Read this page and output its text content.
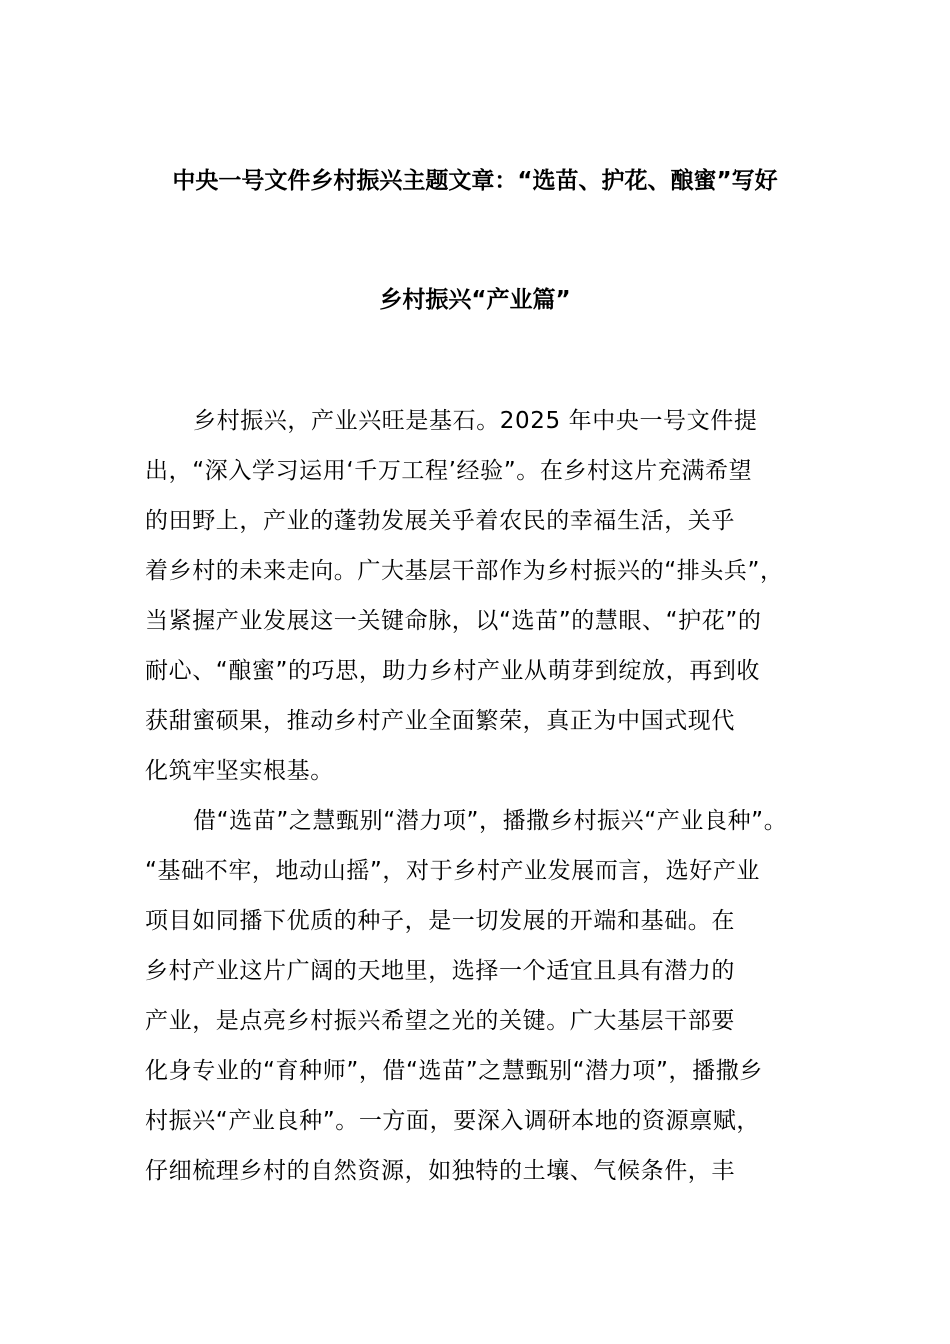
中央一号文件乡村振兴主题文章：“选苗、护花、酿蜜”写好
乡村振兴“产业篇”
乡村振兴，产业兴旺是基石。2025 年中央一号文件提
出，“深入学习运用‘千万工程’经验”。在乡村这片充满希望
的田野上，产业的蓬勃发展关乎着农民的幸福生活，关乎
着乡村的未来走向。广大基层干部作为乡村振兴的“排头兵”，
当紧握产业发展这一关键命脉，以“选苗”的慧眼、“护花”的
耐心、“酿蜜”的巧思，助力乡村产业从萌芽到绽放，再到收
获甜蜜硕果，推动乡村产业全面繁荣，真正为中国式现代
化筑牢坚实根基。
借“选苗”之慧甄别“潜力项”，播撒乡村振兴“产业良种”。
“基础不牢，地动山摇”，对于乡村产业发展而言，选好产业
项目如同播下优质的种子，是一切发展的开端和基础。在
乡村产业这片广阔的天地里，选择一个适宜且具有潜力的
产业，是点亮乡村振兴希望之光的关键。广大基层干部要
化身专业的“育种师”，借“选苗”之慧甄别“潜力项”，播撒乡
村振兴“产业良种”。一方面，要深入调研本地的资源禀赋，
仔细梳理乡村的自然资源，如独特的土壤、气候条件，丰
